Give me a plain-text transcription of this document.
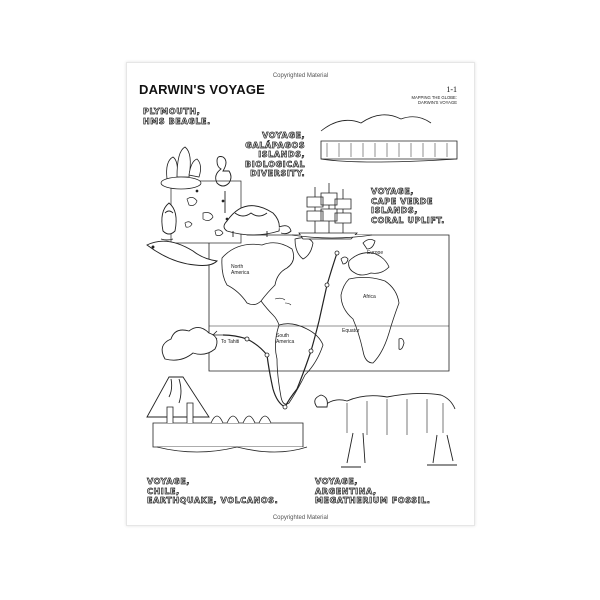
Copyrighted Material
DARWIN'S VOYAGE	1-1
MAPPING THE GLOBE:
DARWIN'S VOYAGE
PLYMOUTH,
HMS BEAGLE.
VOYAGE,
GALÁPAGOS
ISLANDS,
BIOLOGICAL
DIVERSITY.
VOYAGE,
CAPE VERDE
ISLANDS,
CORAL UPLIFT.
VOYAGE,
CHILE,
EARTHQUAKE, VOLCANOS.
VOYAGE,
ARGENTINA,
MEGATHERIUM FOSSIL.
North
America
South
America
Europe
Africa
Equator
To Tahiti
Copyrighted Material
